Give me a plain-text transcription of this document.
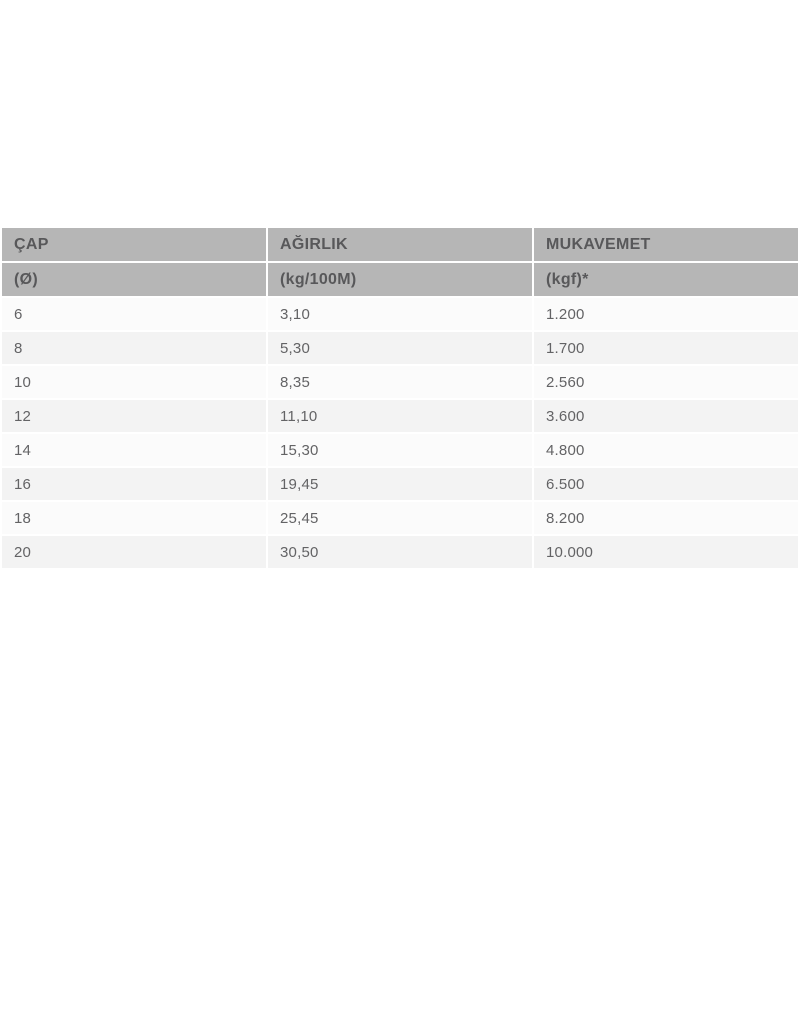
ÇAP	AĞIRLIK	MUKAVEMET
(Ø)	(kg/100M)	(kgf)*
6	3,10	1.200
8	5,30	1.700
10	8,35	2.560
12	11,10	3.600
14	15,30	4.800
16	19,45	6.500
18	25,45	8.200
20	30,50	10.000
